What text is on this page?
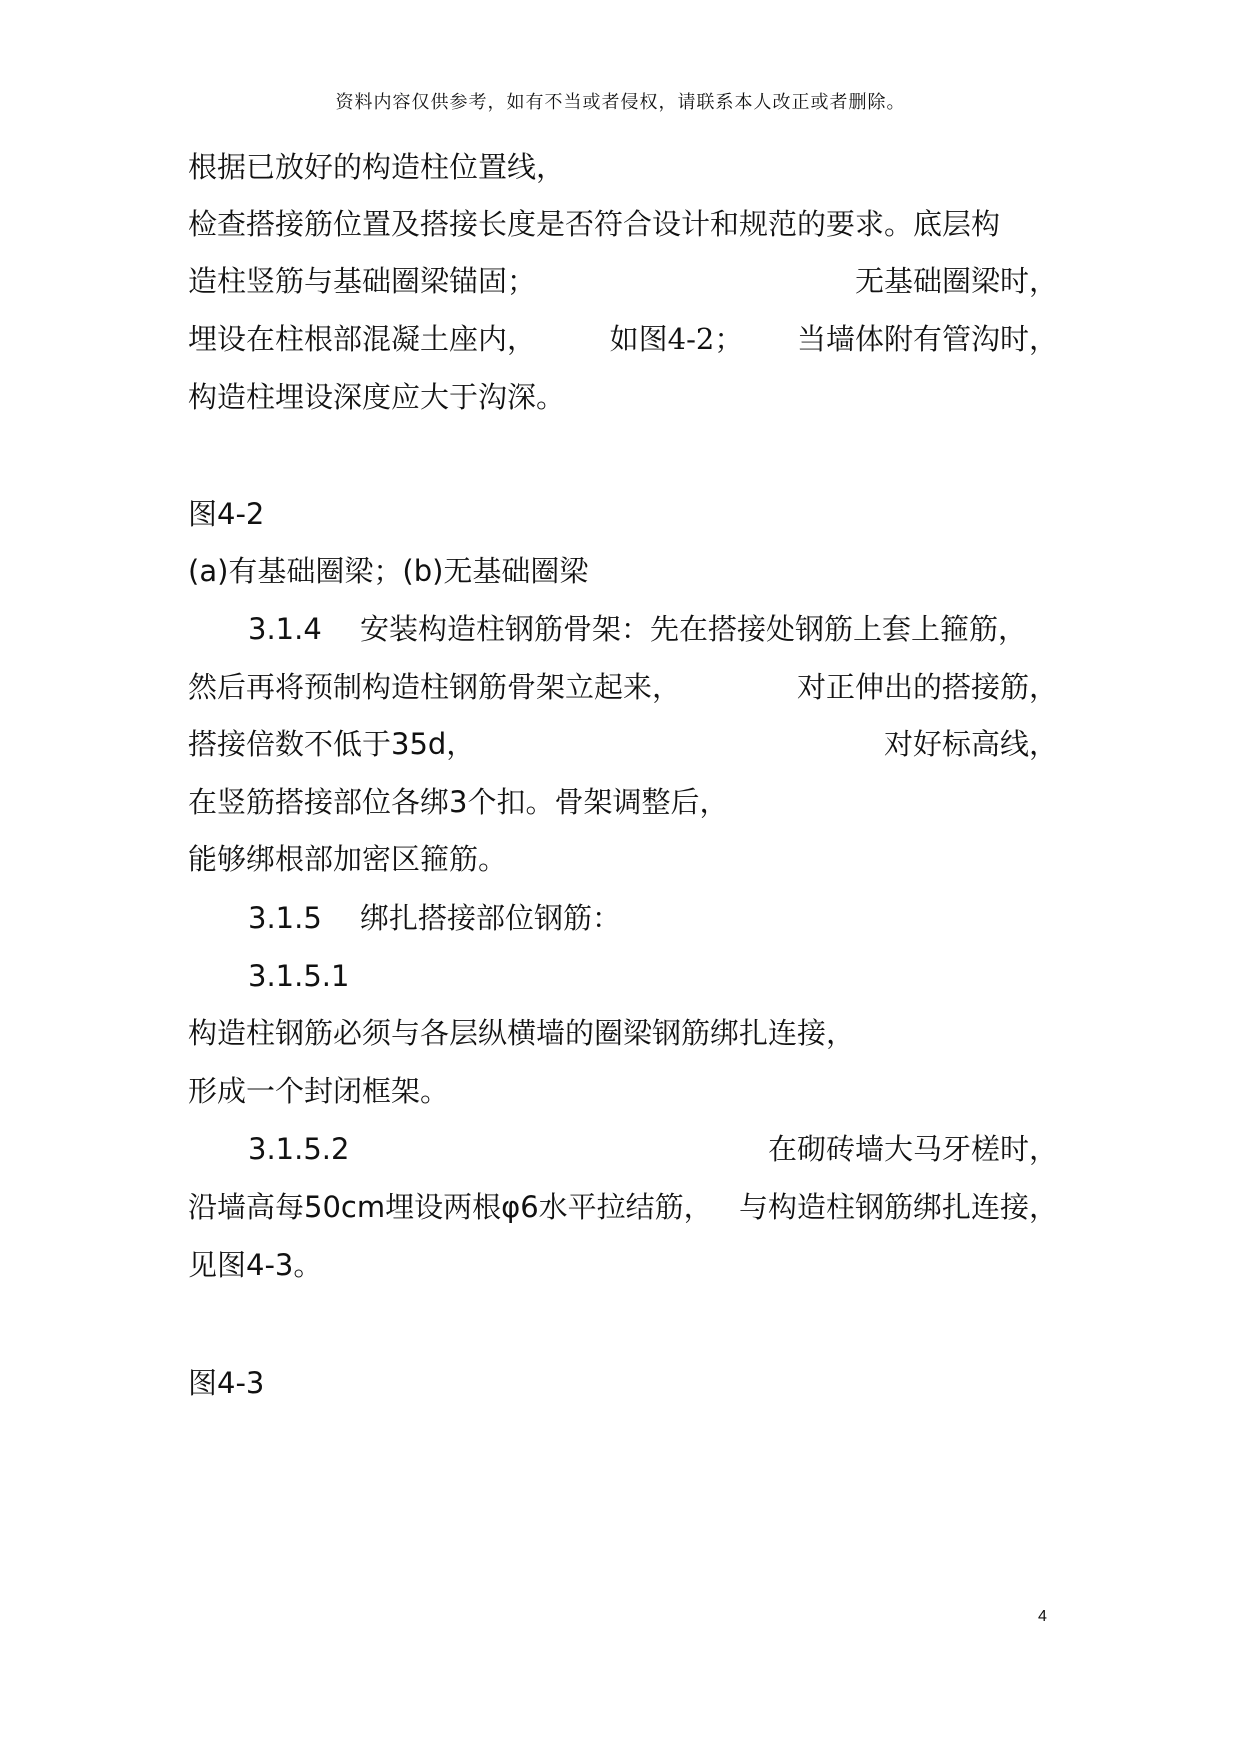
资料内容仅供参考，如有不当或者侵权，请联系本人改正或者删除。
根据已放好的构造柱位置线，
检查搭接筋位置及搭接长度是否符合设计和规范的要求。底层构
造柱竖筋与基础圈梁锚固；	无基础圈梁时，
埋设在柱根部混凝土座内，	如图4-2； 当墙体附有管沟时，
构造柱埋设深度应大于沟深。
图4-2
(a)有基础圈梁；(b)无基础圈梁
3.1.4　 安装构造柱钢筋骨架：先在搭接处钢筋上套上箍筋，
然后再将预制构造柱钢筋骨架立起来，	对正伸出的搭接筋，
搭接倍数不低于35d，	对好标高线，
在竖筋搭接部位各绑3个扣。骨架调整后，
能够绑根部加密区箍筋。
3.1.5　 绑扎搭接部位钢筋：
3.1.5.1
构造柱钢筋必须与各层纵横墙的圈梁钢筋绑扎连接，
形成一个封闭框架。
3.1.5.2	在砌砖墙大马牙槎时，
沿墙高每50cm埋设两根φ6水平拉结筋， 与构造柱钢筋绑扎连接，
见图4-3。
图4-3
4
